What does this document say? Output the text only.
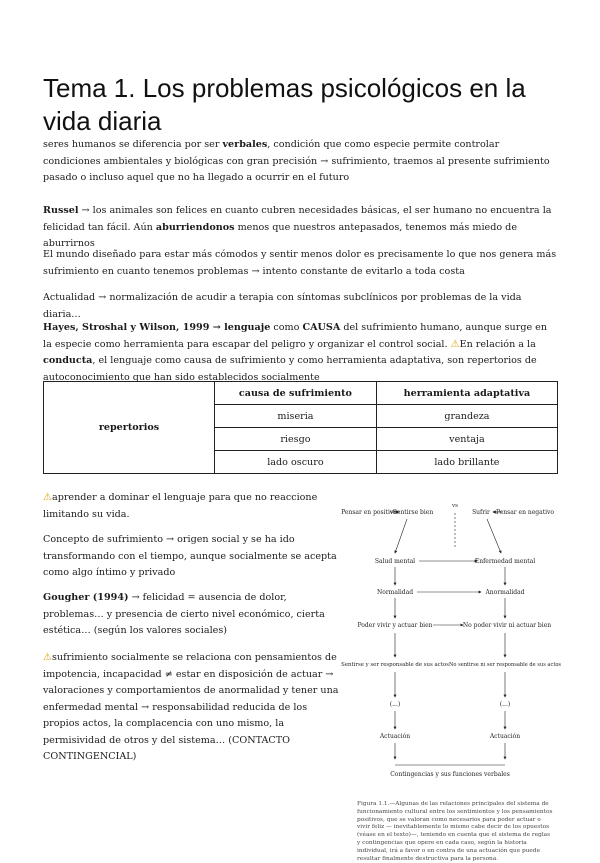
Tema 1. Los problemas psicológicos en la vida diaria

seres humanos se diferencia por ser verbales, condición que como especie permite controlar condiciones ambientales y biológicas con gran precisión → sufrimiento, traemos al presente sufrimiento pasado o incluso aquel que no ha llegado a ocurrir en el futuro

Russel → los animales son felices en cuanto cubren necesidades básicas, el ser humano no encuentra la felicidad tan fácil. Aún aburriendonos menos que nuestros antepasados, tenemos más miedo de aburrirnos

El mundo diseñado para estar más cómodos y sentir menos dolor es precisamente lo que nos genera más sufrimiento en cuanto tenemos problemas → intento constante de evitarlo a toda costa

Actualidad → normalización de acudir a terapia con síntomas subclínicos por problemas de la vida diaria…

Hayes, Stroshal y Wilson, 1999 → lenguaje como CAUSA del sufrimiento humano, aunque surge en la especie como herramienta para escapar del peligro y organizar el control social. ⚠En relación a la conducta, el lenguaje como causa de sufrimiento y como herramienta adaptativa, son repertorios de autoconocimiento que han sido establecidos socialmente

repertorios	causa de sufrimiento	herramienta adaptativa
	miseria	grandeza
	riesgo	ventaja
	lado oscuro	lado brillante

⚠aprender a dominar el lenguaje para que no reaccione limitando su vida.

Concepto de sufrimiento → origen social y se ha ido transformando con el tiempo, aunque socialmente se acepta como algo íntimo y privado

Gougher (1994) → felicidad = ausencia de dolor, problemas… y presencia de cierto nivel económico, cierta estética… (según los valores sociales)

⚠sufrimiento socialmente se relaciona con pensamientos de impotencia, incapacidad ≠ estar en disposición de actuar → valoraciones y comportamientos de anormalidad y tener una enfermedad mental → responsabilidad reducida de los propios actos, la complacencia con uno mismo, la permisividad de otros y del sistema… (CONTACTO CONTINGENCIAL)

Pensar en positivo
Sentirse bien
vs
Sufrir Pensar en negativo
Salud mental	Enfermedad mental
Normalidad	Anormalidad
Poder vivir y actuar bien	No poder vivir ni actuar bien
Sentirse y ser responsable de sus actos No sentirse ni ser responsable de sus actos
(...)	(...)
Actuación	Actuación
Contingencias y sus funciones verbales

Figura 1.1.—Algunas de las relaciones principales del sistema de funcionamiento cultural entre los sentimientos y los pensamientos positivos, que se valoran como necesarios para poder actuar o vivir feliz — inevitablemente lo mismo cabe decir de los opuestos (véase en el texto)—, teniendo en cuenta que el sistema de reglas y contingencias que opere en cada caso, según la historia individual, irá a favor o en contra de una actuación que puede resultar finalmente destructiva para la persona.
